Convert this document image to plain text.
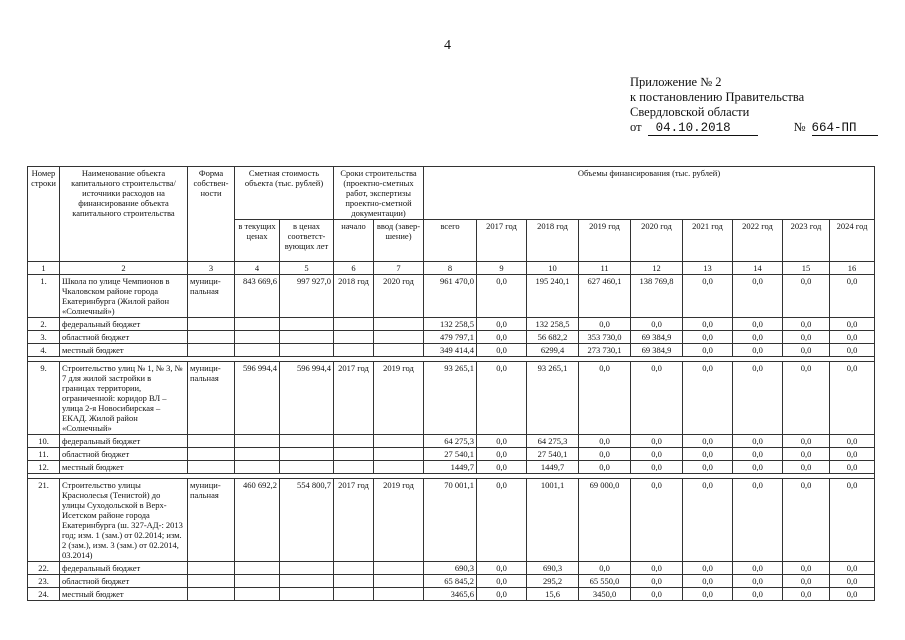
4
Приложение № 2
к постановлению Правительства
Свердловской области
от 04.10.2018	№ 664-ПП
Номер строки	Наименование объекта капитального строительства/ источники расходов на финансирование объекта капитального строительства	Форма собствен-ности	Сметная стоимость объекта (тыс. рублей)		Сроки строительства (проектно-сметных работ, экспертизы проектно-сметной документации)		Объемы финансирования (тыс. рублей)								
			в текущих ценах	в ценах соответст-вующих лет	начало	ввод (завер-шение)	всего	2017 год	2018 год	2019 год	2020 год	2021 год	2022 год	2023 год	2024 год
1	2	3	4	5	6	7	8	9	10	11	12	13	14	15	16
1.	Школа по улице Чемпионов в Чкаловском районе города Екатеринбурга (Жилой район «Солнечный»)	муници-пальная	843 669,6	997 927,0	2018 год	2020 год	961 470,0	0,0	195 240,1	627 460,1	138 769,8	0,0	0,0	0,0	0,0
2.	федеральный бюджет						132 258,5	0,0	132 258,5	0,0	0,0	0,0	0,0	0,0	0,0
3.	областной бюджет						479 797,1	0,0	56 682,2	353 730,0	69 384,9	0,0	0,0	0,0	0,0
4.	местный бюджет						349 414,4	0,0	6299,4	273 730,1	69 384,9	0,0	0,0	0,0	0,0

9.	Строительство улиц № 1, № 3, № 7 для жилой застройки в границах территории, ограниченной: коридор ВЛ – улица 2-я Новосибирская – ЕКАД. Жилой район «Солнечный»	муници-пальная	596 994,4	596 994,4	2017 год	2019 год	93 265,1	0,0	93 265,1	0,0	0,0	0,0	0,0	0,0	0,0
10.	федеральный бюджет						64 275,3	0,0	64 275,3	0,0	0,0	0,0	0,0	0,0	0,0
11.	областной бюджет						27 540,1	0,0	27 540,1	0,0	0,0	0,0	0,0	0,0	0,0
12.	местный бюджет						1449,7	0,0	1449,7	0,0	0,0	0,0	0,0	0,0	0,0

21.	Строительство улицы Краснолесья (Тенистой) до улицы Суходольской в Верх-Исетском районе города Екатеринбурга (ш. 327-АД-: 2013 год; изм. 1 (зам.) от 02.2014; изм. 2 (зам.), изм. 3 (зам.) от 02.2014, 03.2014)	муници-пальная	460 692,2	554 800,7	2017 год	2019 год	70 001,1	0,0	1001,1	69 000,0	0,0	0,0	0,0	0,0	0,0
22.	федеральный бюджет						690,3	0,0	690,3	0,0	0,0	0,0	0,0	0,0	0,0
23.	областной бюджет						65 845,2	0,0	295,2	65 550,0	0,0	0,0	0,0	0,0	0,0
24.	местный бюджет						3465,6	0,0	15,6	3450,0	0,0	0,0	0,0	0,0	0,0
